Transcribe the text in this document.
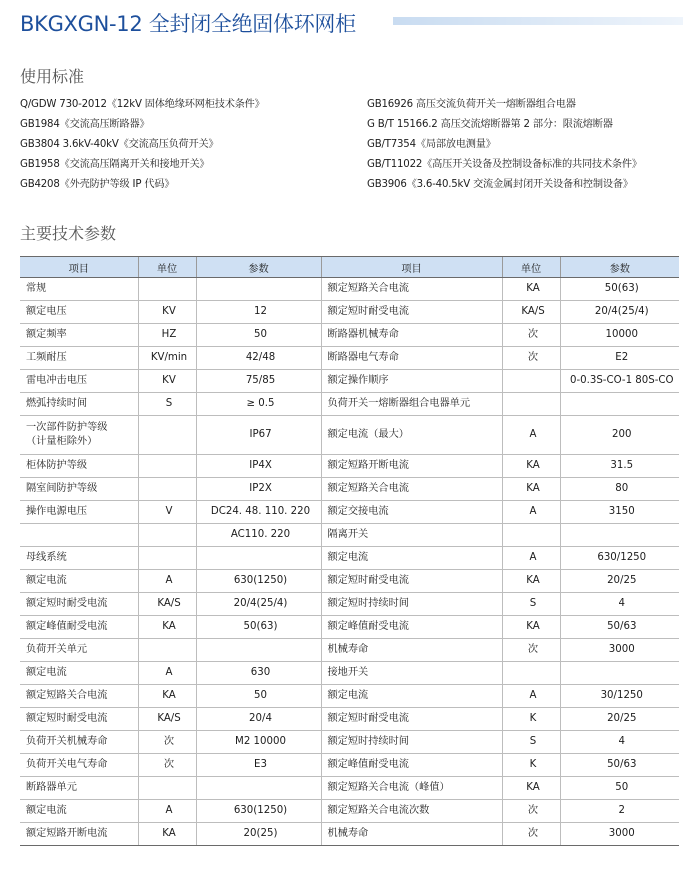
BKGXGN-12 全封闭全绝固体环网柜
使用标准
Q/GDW 730-2012《12kV 固体绝缘环网柜技术条件》
GB1984《交流高压断路器》
GB3804 3.6kV-40kV《交流高压负荷开关》
GB1958《交流高压隔离开关和接地开关》
GB4208《外壳防护等级 IP 代码》
GB16926 高压交流负荷开关一熔断器组合电器
G B/T 15166.2 高压交流熔断器第 2 部分：限流熔断器
GB/T7354《局部放电测量》
GB/T11022《高压开关设备及控制设备标准的共同技术条件》
GB3906《3.6-40.5kV 交流金属封闭开关设备和控制设备》
主要技术参数
项目	单位	参数	项目	单位	参数
常规			额定短路关合电流	KA	50(63)
额定电压	KV	12	额定短时耐受电流	KA/S	20/4(25/4)
额定频率	HZ	50	断路器机械寿命	次	10000
工频耐压	KV/min	42/48	断路器电气寿命	次	E2
雷电冲击电压	KV	75/85	额定操作顺序		0-0.3S-CO-1 80S-CO
燃弧持续时间	S	≥ 0.5	负荷开关一熔断器组合电器单元		
一次部件防护等级
（计量柜除外）		IP67	额定电流（最大）	A	200
柜体防护等级		IP4X	额定短路开断电流	KA	31.5
隔室间防护等级		IP2X	额定短路关合电流	KA	80
操作电源电压	V	DC24. 48. 110. 220	额定交接电流	A	3150
		AC110. 220	隔离开关		
母线系统			额定电流	A	630/1250
额定电流	A	630(1250)	额定短时耐受电流	KA	20/25
额定短时耐受电流	KA/S	20/4(25/4)	额定短时持续时间	S	4
额定峰值耐受电流	KA	50(63)	额定峰值耐受电流	KA	50/63
负荷开关单元			机械寿命	次	3000
额定电流	A	630	接地开关		
额定短路关合电流	KA	50	额定电流	A	30/1250
额定短时耐受电流	KA/S	20/4	额定短时耐受电流	K	20/25
负荷开关机械寿命	次	M2 10000	额定短时持续时间	S	4
负荷开关电气寿命	次	E3	额定峰值耐受电流	K	50/63
断路器单元			额定短路关合电流（峰值）	KA	50
额定电流	A	630(1250)	额定短路关合电流次数	次	2
额定短路开断电流	KA	20(25)	机械寿命	次	3000
